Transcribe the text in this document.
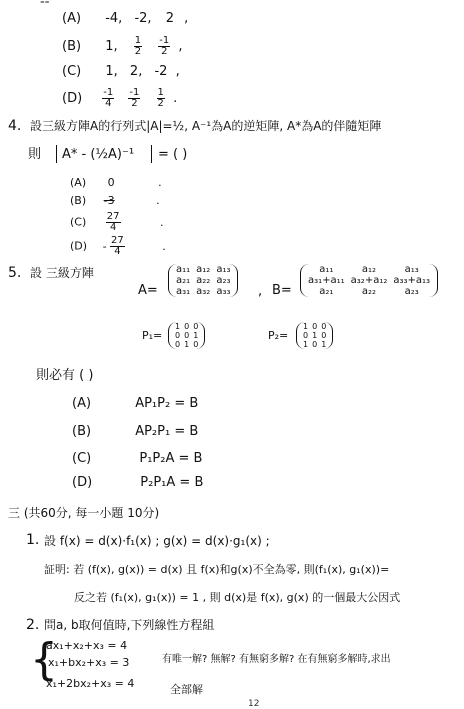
⁼⁼
(A) -4, -2, 2 ,
(B) 1, $\frac{1}{2}$
$\frac{-1}{2}$ ,
(C) 1, 2, -2 ,
$(D) \frac{-1}{4}$
$\frac{-1}{2}$
$\frac{1}{2}$ .
4. 設三級方陣A的行列式|A|=½, A⁻¹為A的逆矩陣, A*為A的伴隨矩陣
則 A* - (½A)⁻¹ = ( )
(A) 0	.
(B) -3	.
$(C) \frac{27}{4}$	.
$(D) - \frac{27}{4}$	.
5. 設 三級方陣
A=
a₁₁	a₁₂	a₁₃
a₂₁	a₂₂	a₂₃
a₃₁	a₃₂	a₃₃ , B=
a₁₁	a₁₂	a₁₃
a₃₁+a₁₁	a₃₂+a₁₂	a₃₃+a₁₃
a₂₁	a₂₂	a₂₃
P₁=
1	0	0
0	0	1
0	1	0
P₂=
1	0	0
0	1	0
1	0	1
則必有 ( )
(A)	AP₁P₂ = B
(B)	AP₂P₁ = B
(C)	P₁P₂A = B
(D)	P₂P₁A = B
三 (共60分, 每一小題 10分)
1. 設 f(x) = d(x)·f₁(x) ; g(x) = d(x)·g₁(x) ;
証明: 若 (f(x), g(x)) = d(x) 且 f(x)和g(x)不全為零, 則(f₁(x), g₁(x))=
反之若 (f₁(x), g₁(x)) = 1 , 則 d(x)是 f(x), g(x) 的一個最大公因式
2. 問a, b取何值時,下列線性方程組
{
ax₁+x₂+x₃ = 4
x₁+bx₂+x₃ = 3
x₁+2bx₂+x₃ = 4
有唯一解? 無解? 有無窮多解? 在有無窮多解時,求出
全部解
12
